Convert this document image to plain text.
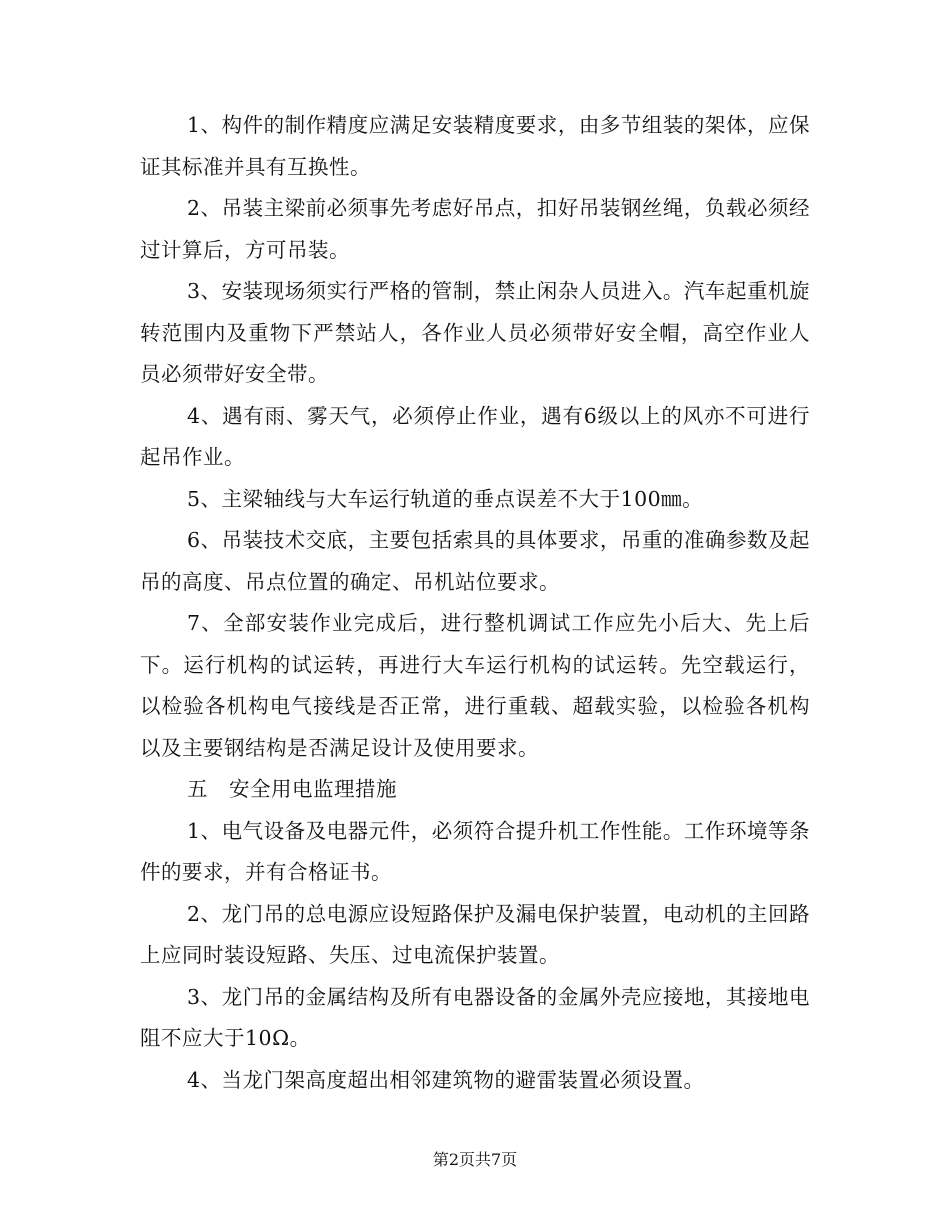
1、构件的制作精度应满足安装精度要求，由多节组装的架体，应保证其标准并具有互换性。

2、吊装主梁前必须事先考虑好吊点，扣好吊装钢丝绳，负载必须经过计算后，方可吊装。

3、安装现场须实行严格的管制，禁止闲杂人员进入。汽车起重机旋转范围内及重物下严禁站人，各作业人员必须带好安全帽，高空作业人员必须带好安全带。

4、遇有雨、雾天气，必须停止作业，遇有6级以上的风亦不可进行起吊作业。

5、主梁轴线与大车运行轨道的垂点误差不大于100㎜。

6、吊装技术交底，主要包括索具的具体要求，吊重的准确参数及起吊的高度、吊点位置的确定、吊机站位要求。

7、全部安装作业完成后，进行整机调试工作应先小后大、先上后下。运行机构的试运转，再进行大车运行机构的试运转。先空载运行，以检验各机构电气接线是否正常，进行重载、超载实验，以检验各机构以及主要钢结构是否满足设计及使用要求。

五　安全用电监理措施

1、电气设备及电器元件，必须符合提升机工作性能。工作环境等条件的要求，并有合格证书。

2、龙门吊的总电源应设短路保护及漏电保护装置，电动机的主回路上应同时装设短路、失压、过电流保护装置。

3、龙门吊的金属结构及所有电器设备的金属外壳应接地，其接地电阻不应大于10Ω。

4、当龙门架高度超出相邻建筑物的避雷装置必须设置。

第2页共7页
